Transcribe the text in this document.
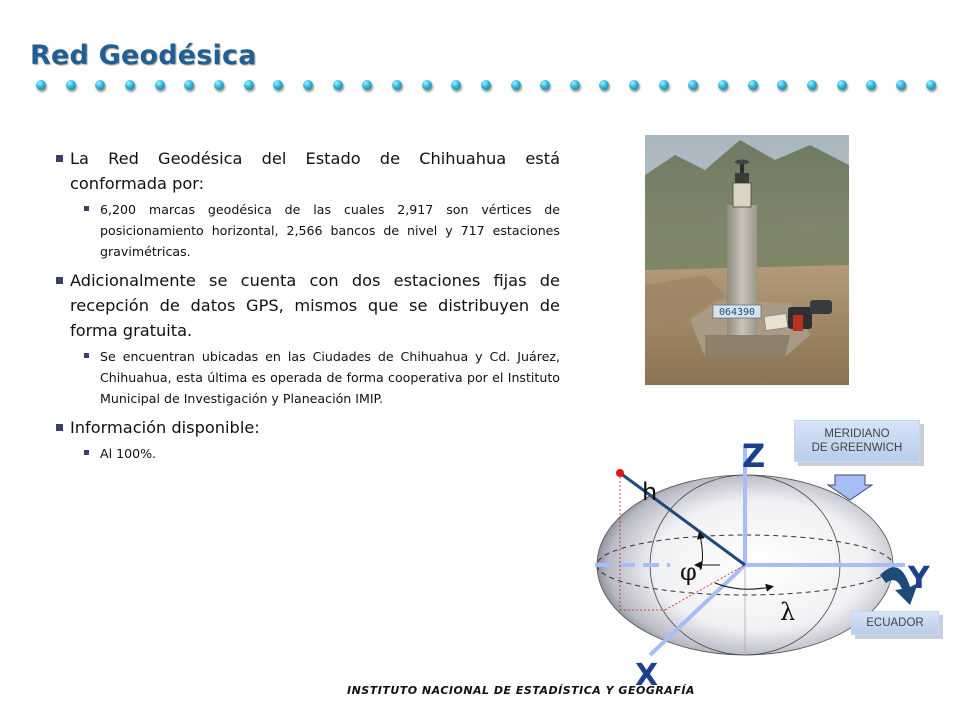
Red Geodésica
La Red Geodésica del Estado de Chihuahua está conformada por:
6,200 marcas geodésica de las cuales 2,917 son vértices de posicionamiento horizontal, 2,566 bancos de nivel y 717 estaciones gravimétricas.
Adicionalmente se cuenta con dos estaciones fijas de recepción de datos GPS, mismos que se distribuyen de forma gratuita.
Se encuentran ubicadas en las Ciudades de Chihuahua y Cd. Juárez, Chihuahua, esta última es operada de forma cooperativa por el Instituto Municipal de Investigación y Planeación IMIP.
Información disponible:
Al 100%.
064390
h
φ
λ
Z
Y
X
MERIDIANO
DE GREENWICH
ECUADOR
INSTITUTO NACIONAL DE ESTADÍSTICA Y GEOGRAFÍA
